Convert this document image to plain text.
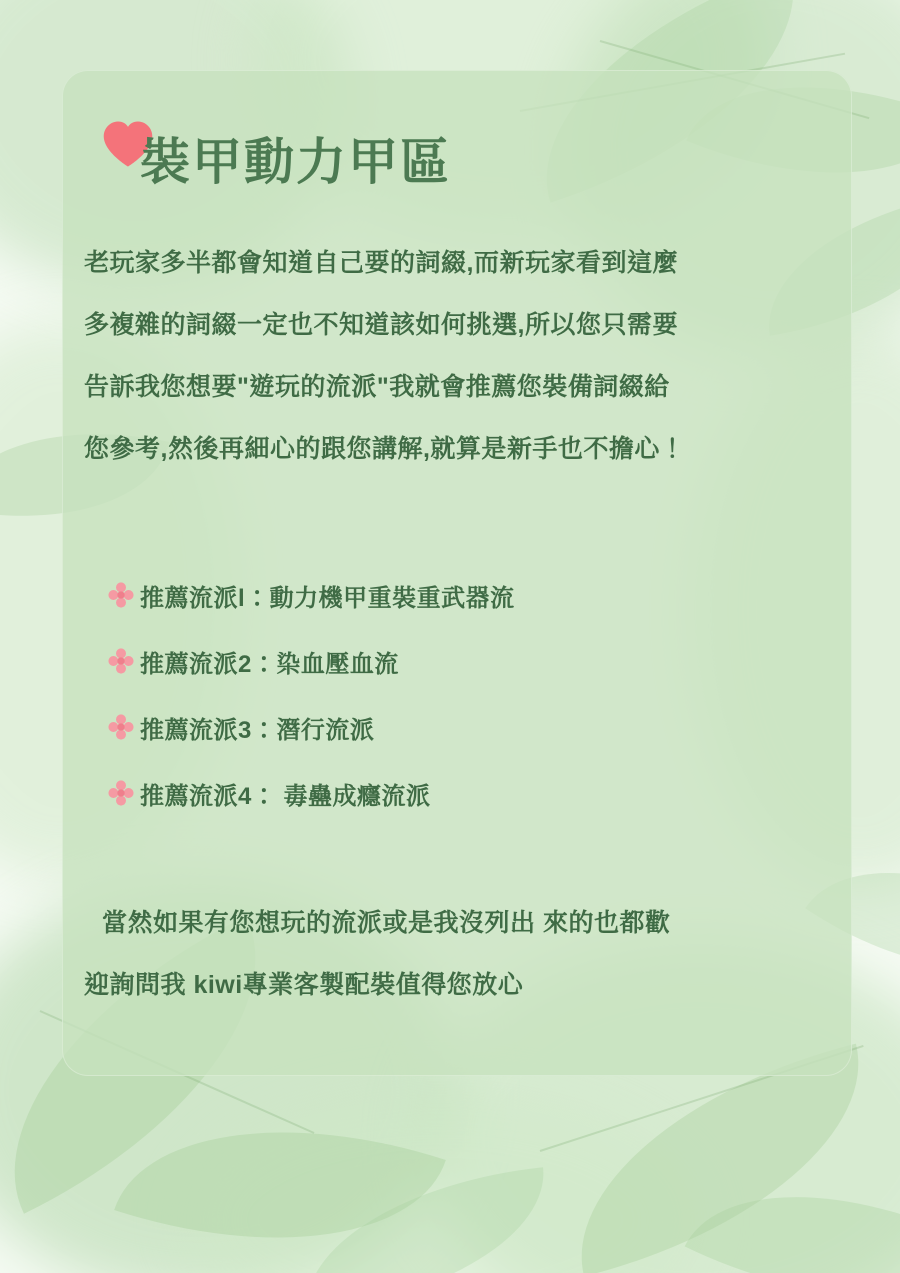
裝甲動力甲區

老玩家多半都會知道自己要的詞綴,而新玩家看到這麼

多複雜的詞綴一定也不知道該如何挑選,所以您只需要

告訴我您想要"遊玩的流派"我就會推薦您裝備詞綴給

您參考,然後再細心的跟您講解,就算是新手也不擔心！

推薦流派l：動力機甲重裝重武器流
推薦流派2：染血壓血流
推薦流派3：潛行流派
推薦流派4： 毒蠱成癮流派

當然如果有您想玩的流派或是我沒列出 來的也都歡

迎詢問我 kiwi專業客製配裝值得您放心
